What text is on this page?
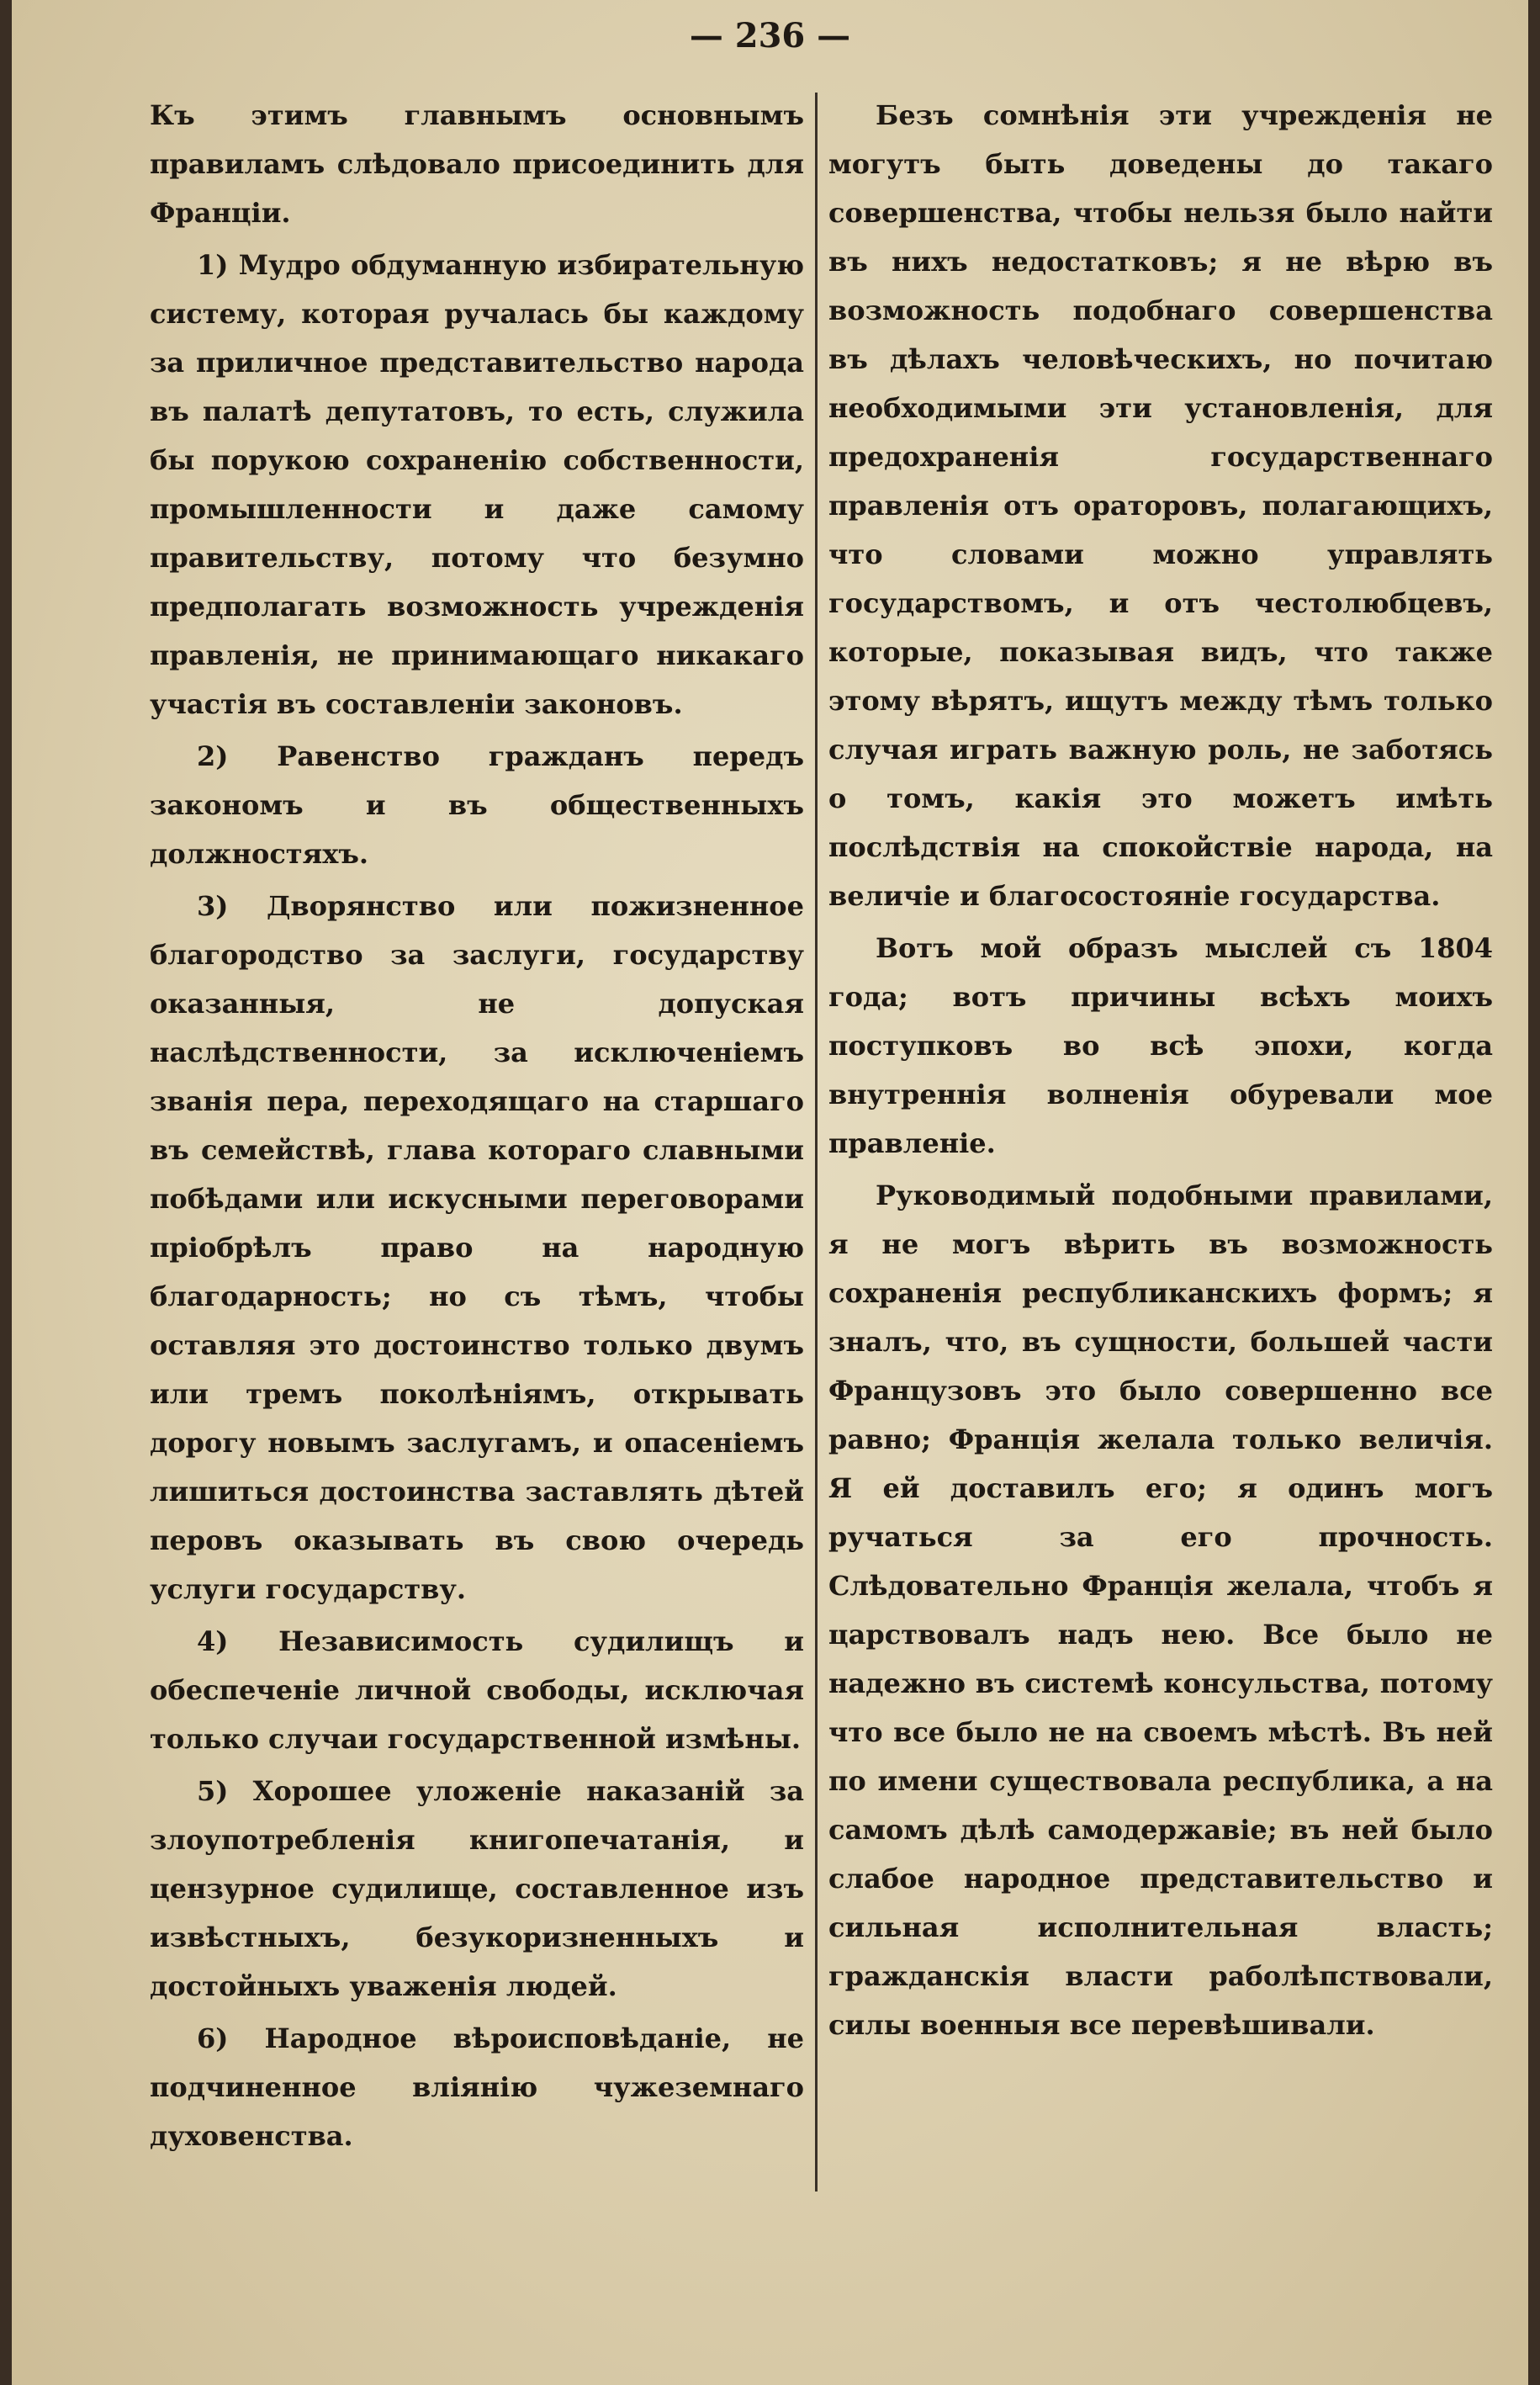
— 236 —

Къ этимъ главнымъ основнымъ правиламъ слѣдовало присоединить для Франціи.

1) Мудро обдуманную избирательную систему, которая ручалась бы каждому за приличное представительство народа въ палатѣ депутатовъ, то есть, служила бы порукою сохраненію собственности, промышленности и даже самому правительству, потому что безумно предполагать возможность учрежденія правленія, не принимающаго никакаго участія въ составленіи законовъ.

2) Равенство гражданъ передъ закономъ и въ общественныхъ должностяхъ.

3) Дворянство или пожизненное благородство за заслуги, государству оказанныя, не допуская наслѣдственности, за исключеніемъ званія пера, переходящаго на старшаго въ семействѣ, глава котораго славными побѣдами или искусными переговорами пріобрѣлъ право на народную благодарность; но съ тѣмъ, чтобы оставляя это достоинство только двумъ или тремъ поколѣніямъ, открывать дорогу новымъ заслугамъ, и опасеніемъ лишиться достоинства заставлять дѣтей перовъ оказывать въ свою очередь услуги государству.

4) Независимость судилищъ и обеспеченіе личной свободы, исключая только случаи государственной измѣны.

5) Хорошее уложеніе наказаній за злоупотребленія книгопечатанія, и цензурное судилище, составленное изъ извѣстныхъ, безукоризненныхъ и достойныхъ уваженія людей.

6) Народное вѣроисповѣданіе, не подчиненное вліянію чужеземнаго духовенства.

Безъ сомнѣнія эти учрежденія не могутъ быть доведены до такаго совершенства, чтобы нельзя было найти въ нихъ недостатковъ; я не вѣрю въ возможность подобнаго совершенства въ дѣлахъ человѣческихъ, но почитаю необходимыми эти установленія, для предохраненія государственнаго правленія отъ ораторовъ, полагающихъ, что словами можно управлять государствомъ, и отъ честолюбцевъ, которые, показывая видъ, что также этому вѣрятъ, ищутъ между тѣмъ только случая играть важную роль, не заботясь о томъ, какія это можетъ имѣть послѣдствія на спокойствіе народа, на величіе и благосостояніе государства.

Вотъ мой образъ мыслей съ 1804 года; вотъ причины всѣхъ моихъ поступковъ во всѣ эпохи, когда внутреннія волненія обуревали мое правленіе.

Руководимый подобными правилами, я не могъ вѣрить въ возможность сохраненія республиканскихъ формъ; я зналъ, что, въ сущности, большей части Французовъ это было совершенно все равно; Франція желала только величія. Я ей доставилъ его; я одинъ могъ ручаться за его прочность. Слѣдовательно Франція желала, чтобъ я царствовалъ надъ нею. Все было не надежно въ системѣ консульства, потому что все было не на своемъ мѣстѣ. Въ ней по имени существовала республика, а на самомъ дѣлѣ самодержавіе; въ ней было слабое народное представительство и сильная исполнительная власть; гражданскія власти раболѣпствовали, силы военныя все перевѣшивали.
